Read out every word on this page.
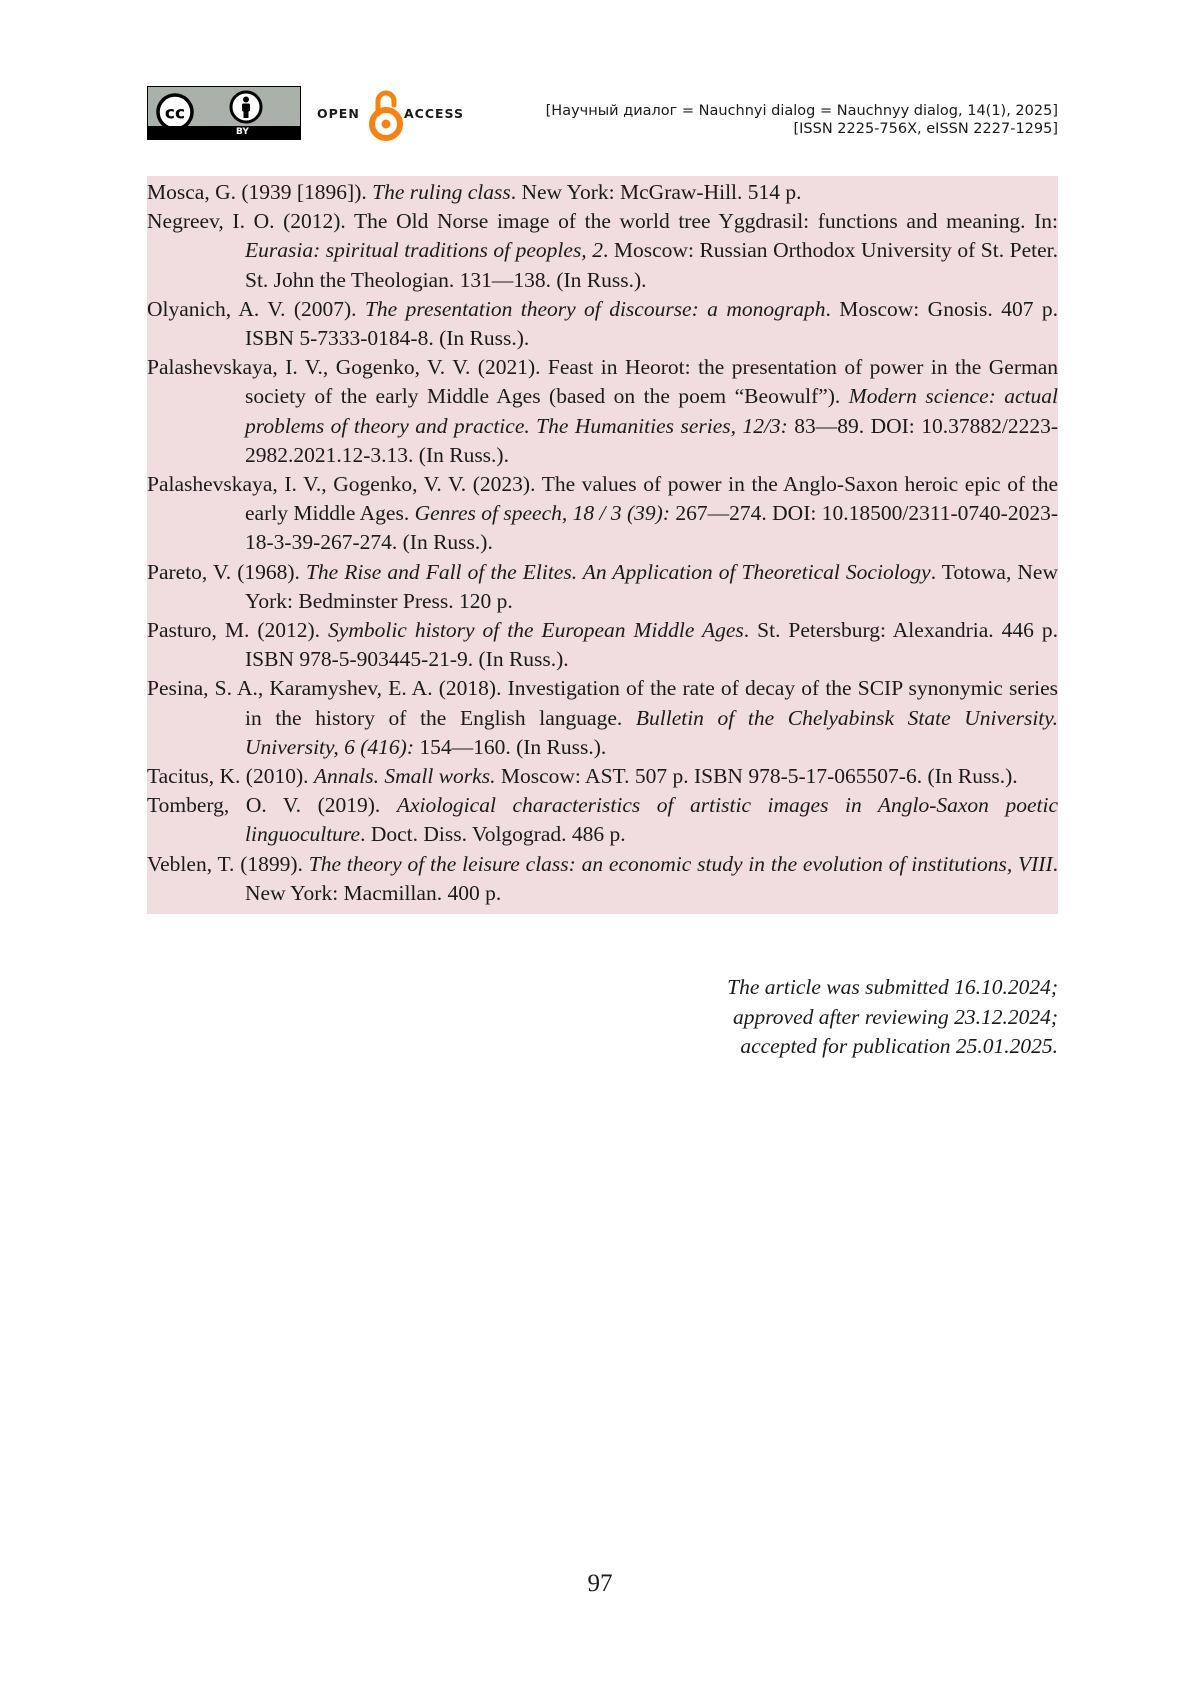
cc
BY
OPEN	ACCESS	[Научный диалог = Nauchnyi dialog = Nauchnyy dialog, 14(1), 2025]
[ISSN 2225-756X, eISSN 2227-1295]

Mosca, G. (1939 [1896]). The ruling class. New York: McGraw-Hill. 514 p.

Negreev, I. O. (2012). The Old Norse image of the world tree Yggdrasil: functions and meaning. In: Eurasia: spiritual traditions of peoples, 2. Moscow: Russian Orthodox University of St. Peter. St. John the Theologian. 131—138. (In Russ.).

Olyanich, A. V. (2007). The presentation theory of discourse: a monograph. Moscow: Gnosis. 407 p. ISBN 5-7333-0184-8. (In Russ.).

Palashevskaya, I. V., Gogenko, V. V. (2021). Feast in Heorot: the presentation of power in the German society of the early Middle Ages (based on the poem “Beowulf”). Modern science: actual problems of theory and practice. The Humanities series, 12/3: 83—89. DOI: 10.37882/2223-2982.2021.12-3.13. (In Russ.).

Palashevskaya, I. V., Gogenko, V. V. (2023). The values of power in the Anglo-Saxon heroic epic of the early Middle Ages. Genres of speech, 18 / 3 (39): 267—274. DOI: 10.18500/2311-0740-2023-18-3-39-267-274. (In Russ.).

Pareto, V. (1968). The Rise and Fall of the Elites. An Application of Theoretical Sociology. Totowa, New York: Bedminster Press. 120 p.

Pasturo, M. (2012). Symbolic history of the European Middle Ages. St. Petersburg: Alexandria. 446 p. ISBN 978-5-903445-21-9. (In Russ.).

Pesina, S. A., Karamyshev, E. A. (2018). Investigation of the rate of decay of the SCIP synonymic series in the history of the English language. Bulletin of the Chelyabinsk State University. University, 6 (416): 154—160. (In Russ.).

Tacitus, K. (2010). Annals. Small works. Moscow: AST. 507 p. ISBN 978-5-17-065507-6. (In Russ.).

Tomberg, O. V. (2019). Axiological characteristics of artistic images in Anglo-Saxon poetic linguoculture. Doct. Diss. Volgograd. 486 p.

Veblen, T. (1899). The theory of the leisure class: an economic study in the evolution of institutions, VIII. New York: Macmillan. 400 p.

The article was submitted 16.10.2024;
approved after reviewing 23.12.2024;
accepted for publication 25.01.2025.
97
